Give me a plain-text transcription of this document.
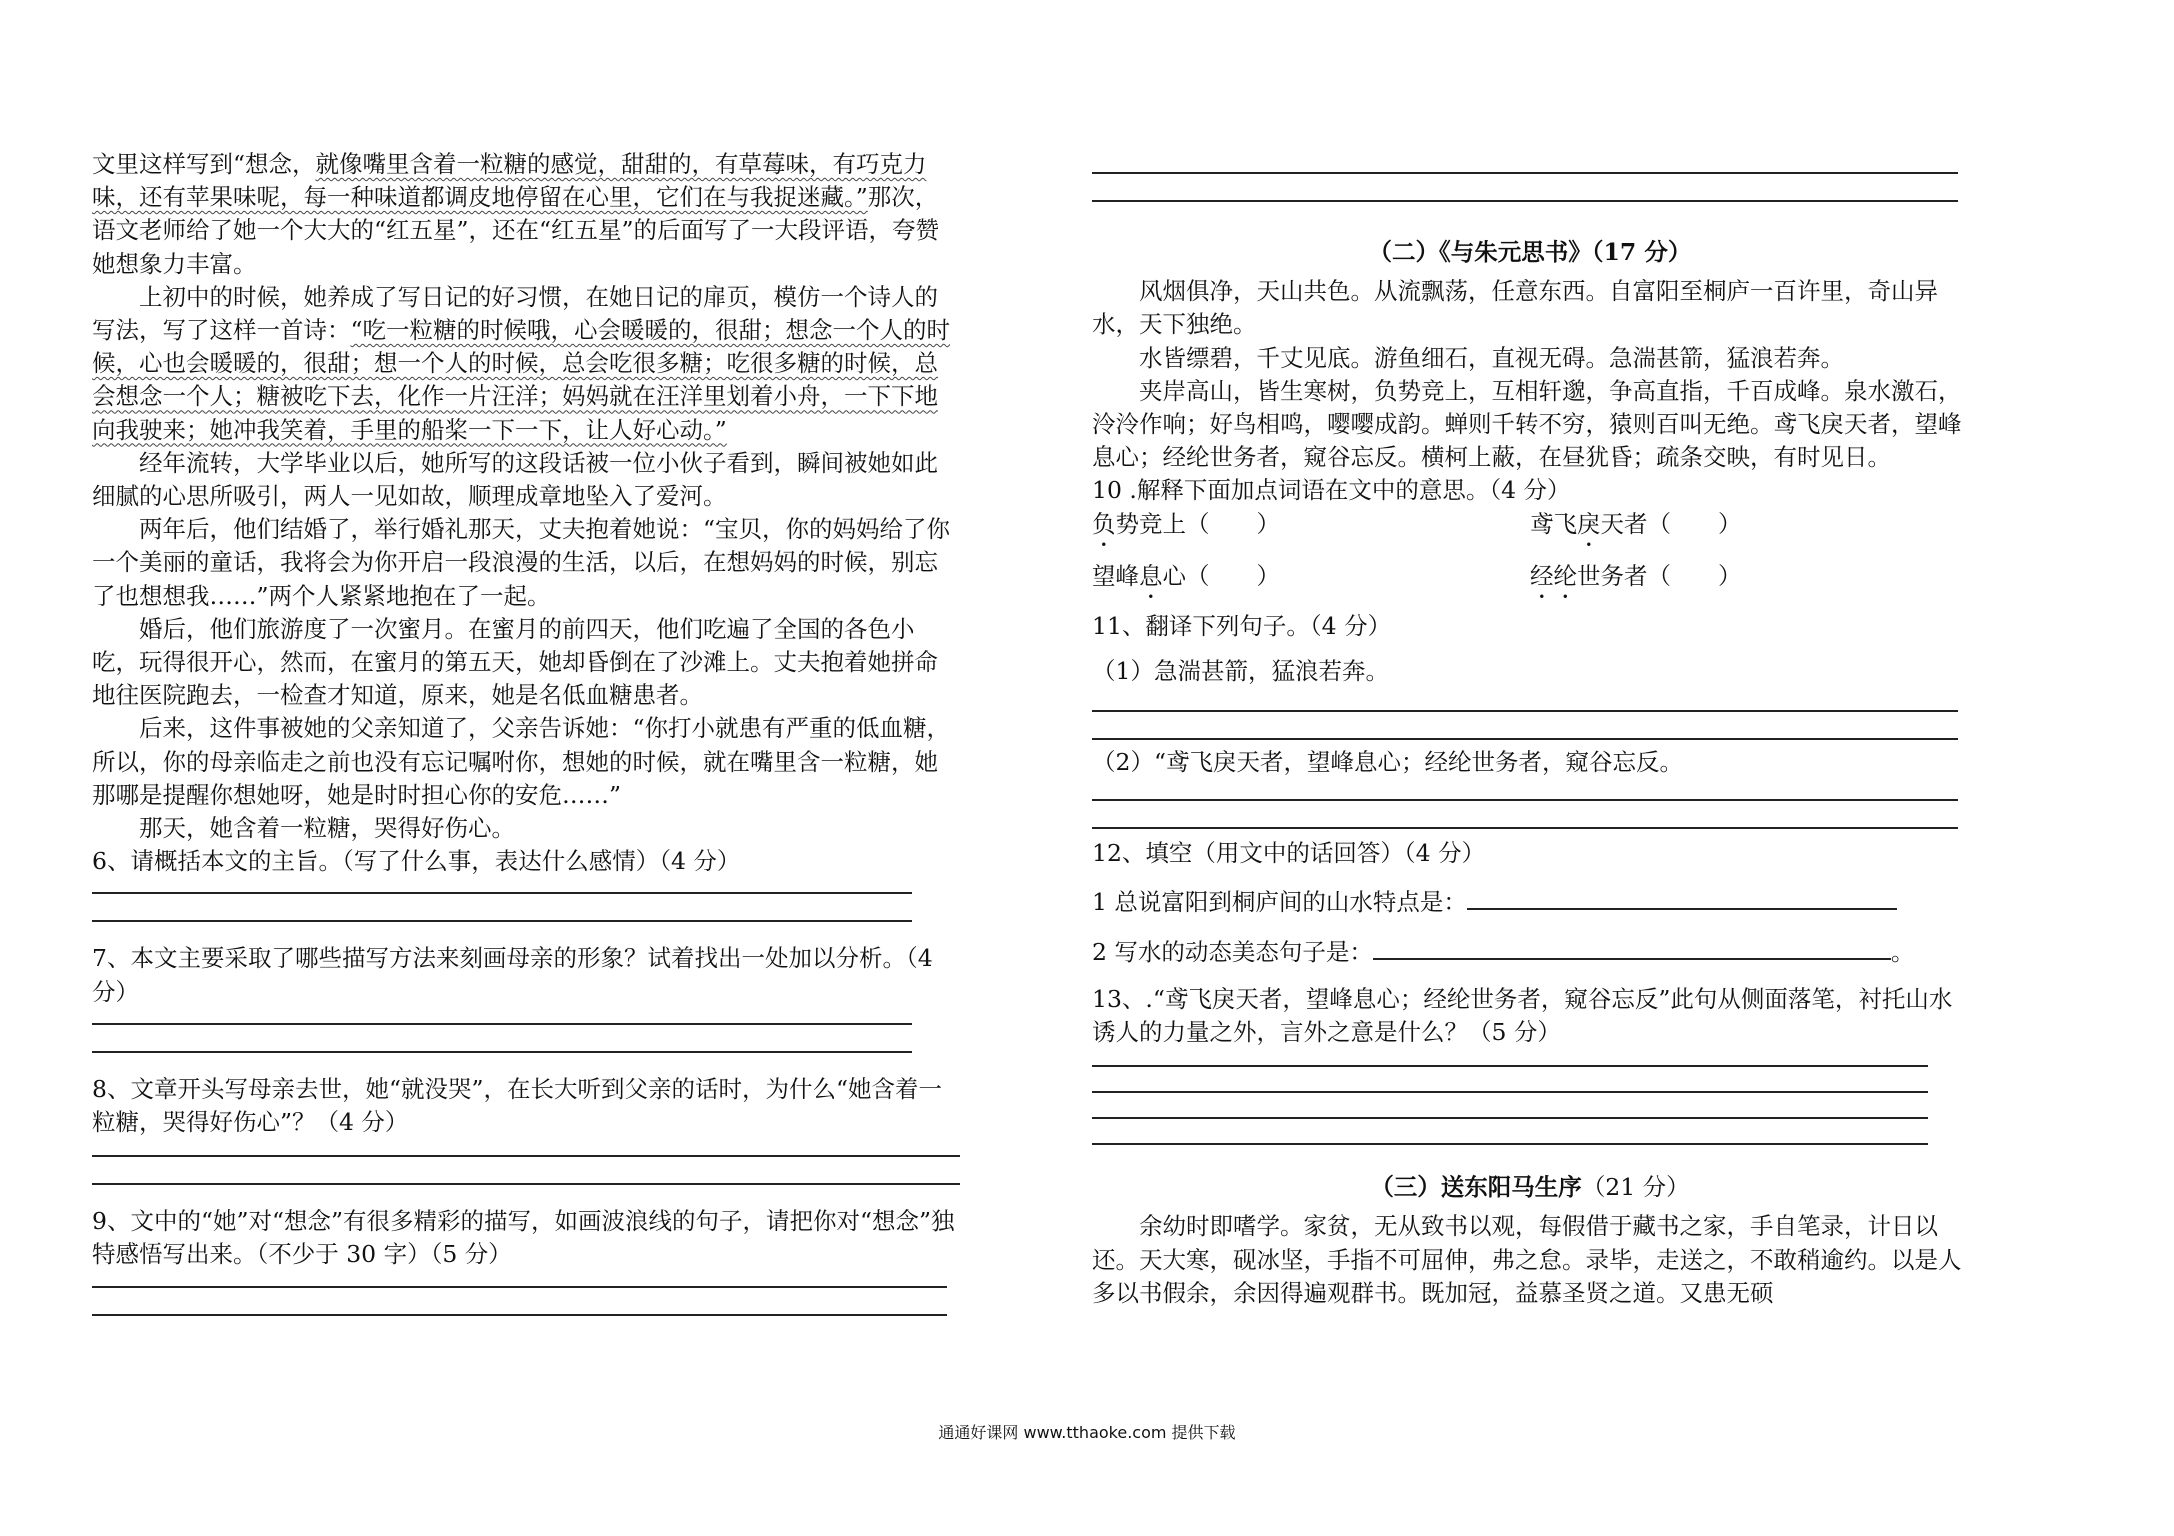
文里这样写到“想念，就像嘴里含着一粒糖的感觉，甜甜的，有草莓味，有巧克力味，还有苹果味呢，每一种味道都调皮地停留在心里，它们在与我捉迷藏。”那次，语文老师给了她一个大大的“红五星”，还在“红五星”的后面写了一大段评语，夸赞她想象力丰富。

上初中的时候，她养成了写日记的好习惯，在她日记的扉页，模仿一个诗人的写法，写了这样一首诗：“吃一粒糖的时候哦，心会暖暖的，很甜；想念一个人的时候，心也会暖暖的，很甜；想一个人的时候，总会吃很多糖；吃很多糖的时候，总会想念一个人；糖被吃下去，化作一片汪洋；妈妈就在汪洋里划着小舟，一下下地向我驶来；她冲我笑着，手里的船桨一下一下，让人好心动。”

经年流转，大学毕业以后，她所写的这段话被一位小伙子看到，瞬间被她如此细腻的心思所吸引，两人一见如故，顺理成章地坠入了爱河。

两年后，他们结婚了，举行婚礼那天，丈夫抱着她说：“宝贝，你的妈妈给了你一个美丽的童话，我将会为你开启一段浪漫的生活，以后，在想妈妈的时候，别忘了也想想我……”两个人紧紧地抱在了一起。

婚后，他们旅游度了一次蜜月。在蜜月的前四天，他们吃遍了全国的各色小吃，玩得很开心，然而，在蜜月的第五天，她却昏倒在了沙滩上。丈夫抱着她拼命地往医院跑去，一检查才知道，原来，她是名低血糖患者。

后来，这件事被她的父亲知道了，父亲告诉她：“你打小就患有严重的低血糖，所以，你的母亲临走之前也没有忘记嘱咐你，想她的时候，就在嘴里含一粒糖，她那哪是提醒你想她呀，她是时时担心你的安危……”

那天，她含着一粒糖，哭得好伤心。

6、请概括本文的主旨。（写了什么事，表达什么感情）（4 分）

7、本文主要采取了哪些描写方法来刻画母亲的形象？试着找出一处加以分析。（4 分）

8、文章开头写母亲去世，她“就没哭”，在长大听到父亲的话时，为什么“她含着一粒糖，哭得好伤心”？（4 分）

9、文中的“她”对“想念”有很多精彩的描写，如画波浪线的句子，请把你对“想念”独特感悟写出来。（不少于 30 字）（5 分）

（二）《与朱元思书》（17 分）

风烟俱净，天山共色。从流飘荡，任意东西。自富阳至桐庐一百许里，奇山异水，天下独绝。

水皆缥碧，千丈见底。游鱼细石，直视无碍。急湍甚箭，猛浪若奔。

夹岸高山，皆生寒树，负势竞上，互相轩邈，争高直指，千百成峰。泉水激石，泠泠作响；好鸟相鸣，嘤嘤成韵。蝉则千转不穷，猿则百叫无绝。鸢飞戾天者，望峰息心；经纶世务者，窥谷忘反。横柯上蔽，在昼犹昏；疏条交映，有时见日。

10 .解释下面加点词语在文中的意思。（4 分）

负势竞上（　　）	鸢飞戾天者（　　）
望峰息心（　　）	经纶世务者（　　）

11、翻译下列句子。（4 分）

（1）急湍甚箭，猛浪若奔。

（2）“鸢飞戾天者，望峰息心；经纶世务者，窥谷忘反。

12、填空（用文中的话回答）（4 分）

1 总说富阳到桐庐间的山水特点是：

2 写水的动态美态句子是：	。

13、.“鸢飞戾天者，望峰息心；经纶世务者，窥谷忘反”此句从侧面落笔，衬托山水诱人的力量之外，言外之意是什么？（5 分）

（三）送东阳马生序（21 分）

余幼时即嗜学。家贫，无从致书以观，每假借于藏书之家，手自笔录，计日以还。天大寒，砚冰坚，手指不可屈伸，弗之怠。录毕，走送之，不敢稍逾约。以是人多以书假余，余因得遍观群书。既加冠，益慕圣贤之道。又患无硕

通通好课网 www.tthaoke.com 提供下载
